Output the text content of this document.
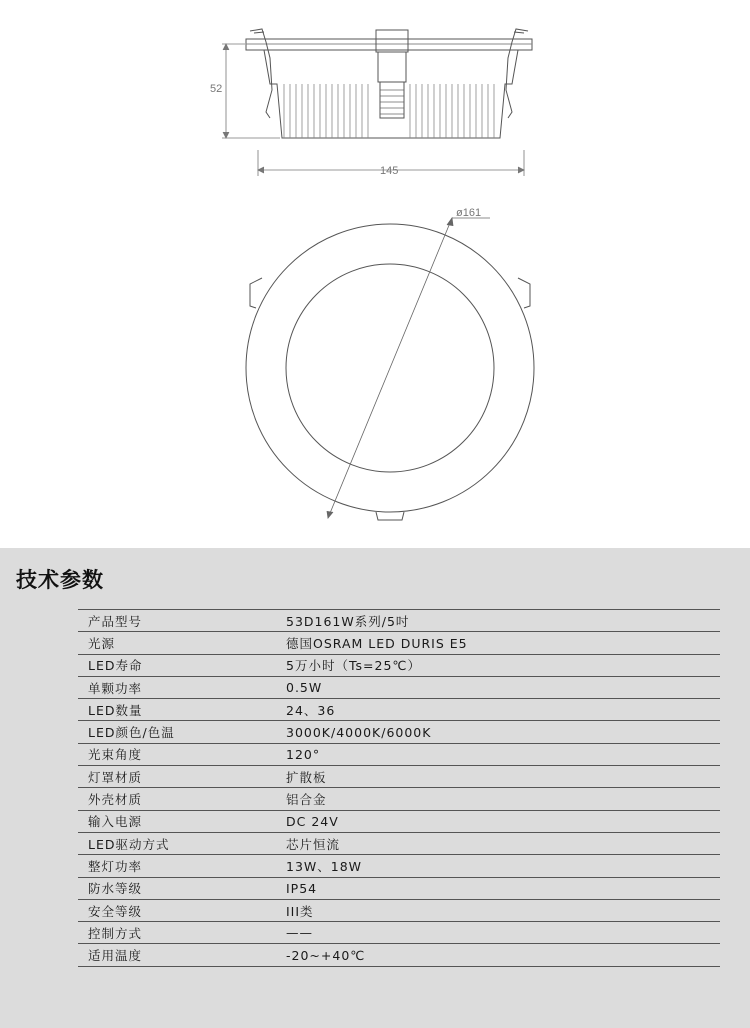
52
145
ø161
技术参数
产品型号	53D161W系列/5吋
光源	德国OSRAM LED DURIS E5
LED寿命	5万小时（Ts=25℃）
单颗功率	0.5W
LED数量	24、36
LED颜色/色温	3000K/4000K/6000K
光束角度	120°
灯罩材质	扩散板
外壳材质	铝合金
输入电源	DC 24V
LED驱动方式	芯片恒流
整灯功率	13W、18W
防水等级	IP54
安全等级	III类
控制方式	——
适用温度	-20~+40℃
